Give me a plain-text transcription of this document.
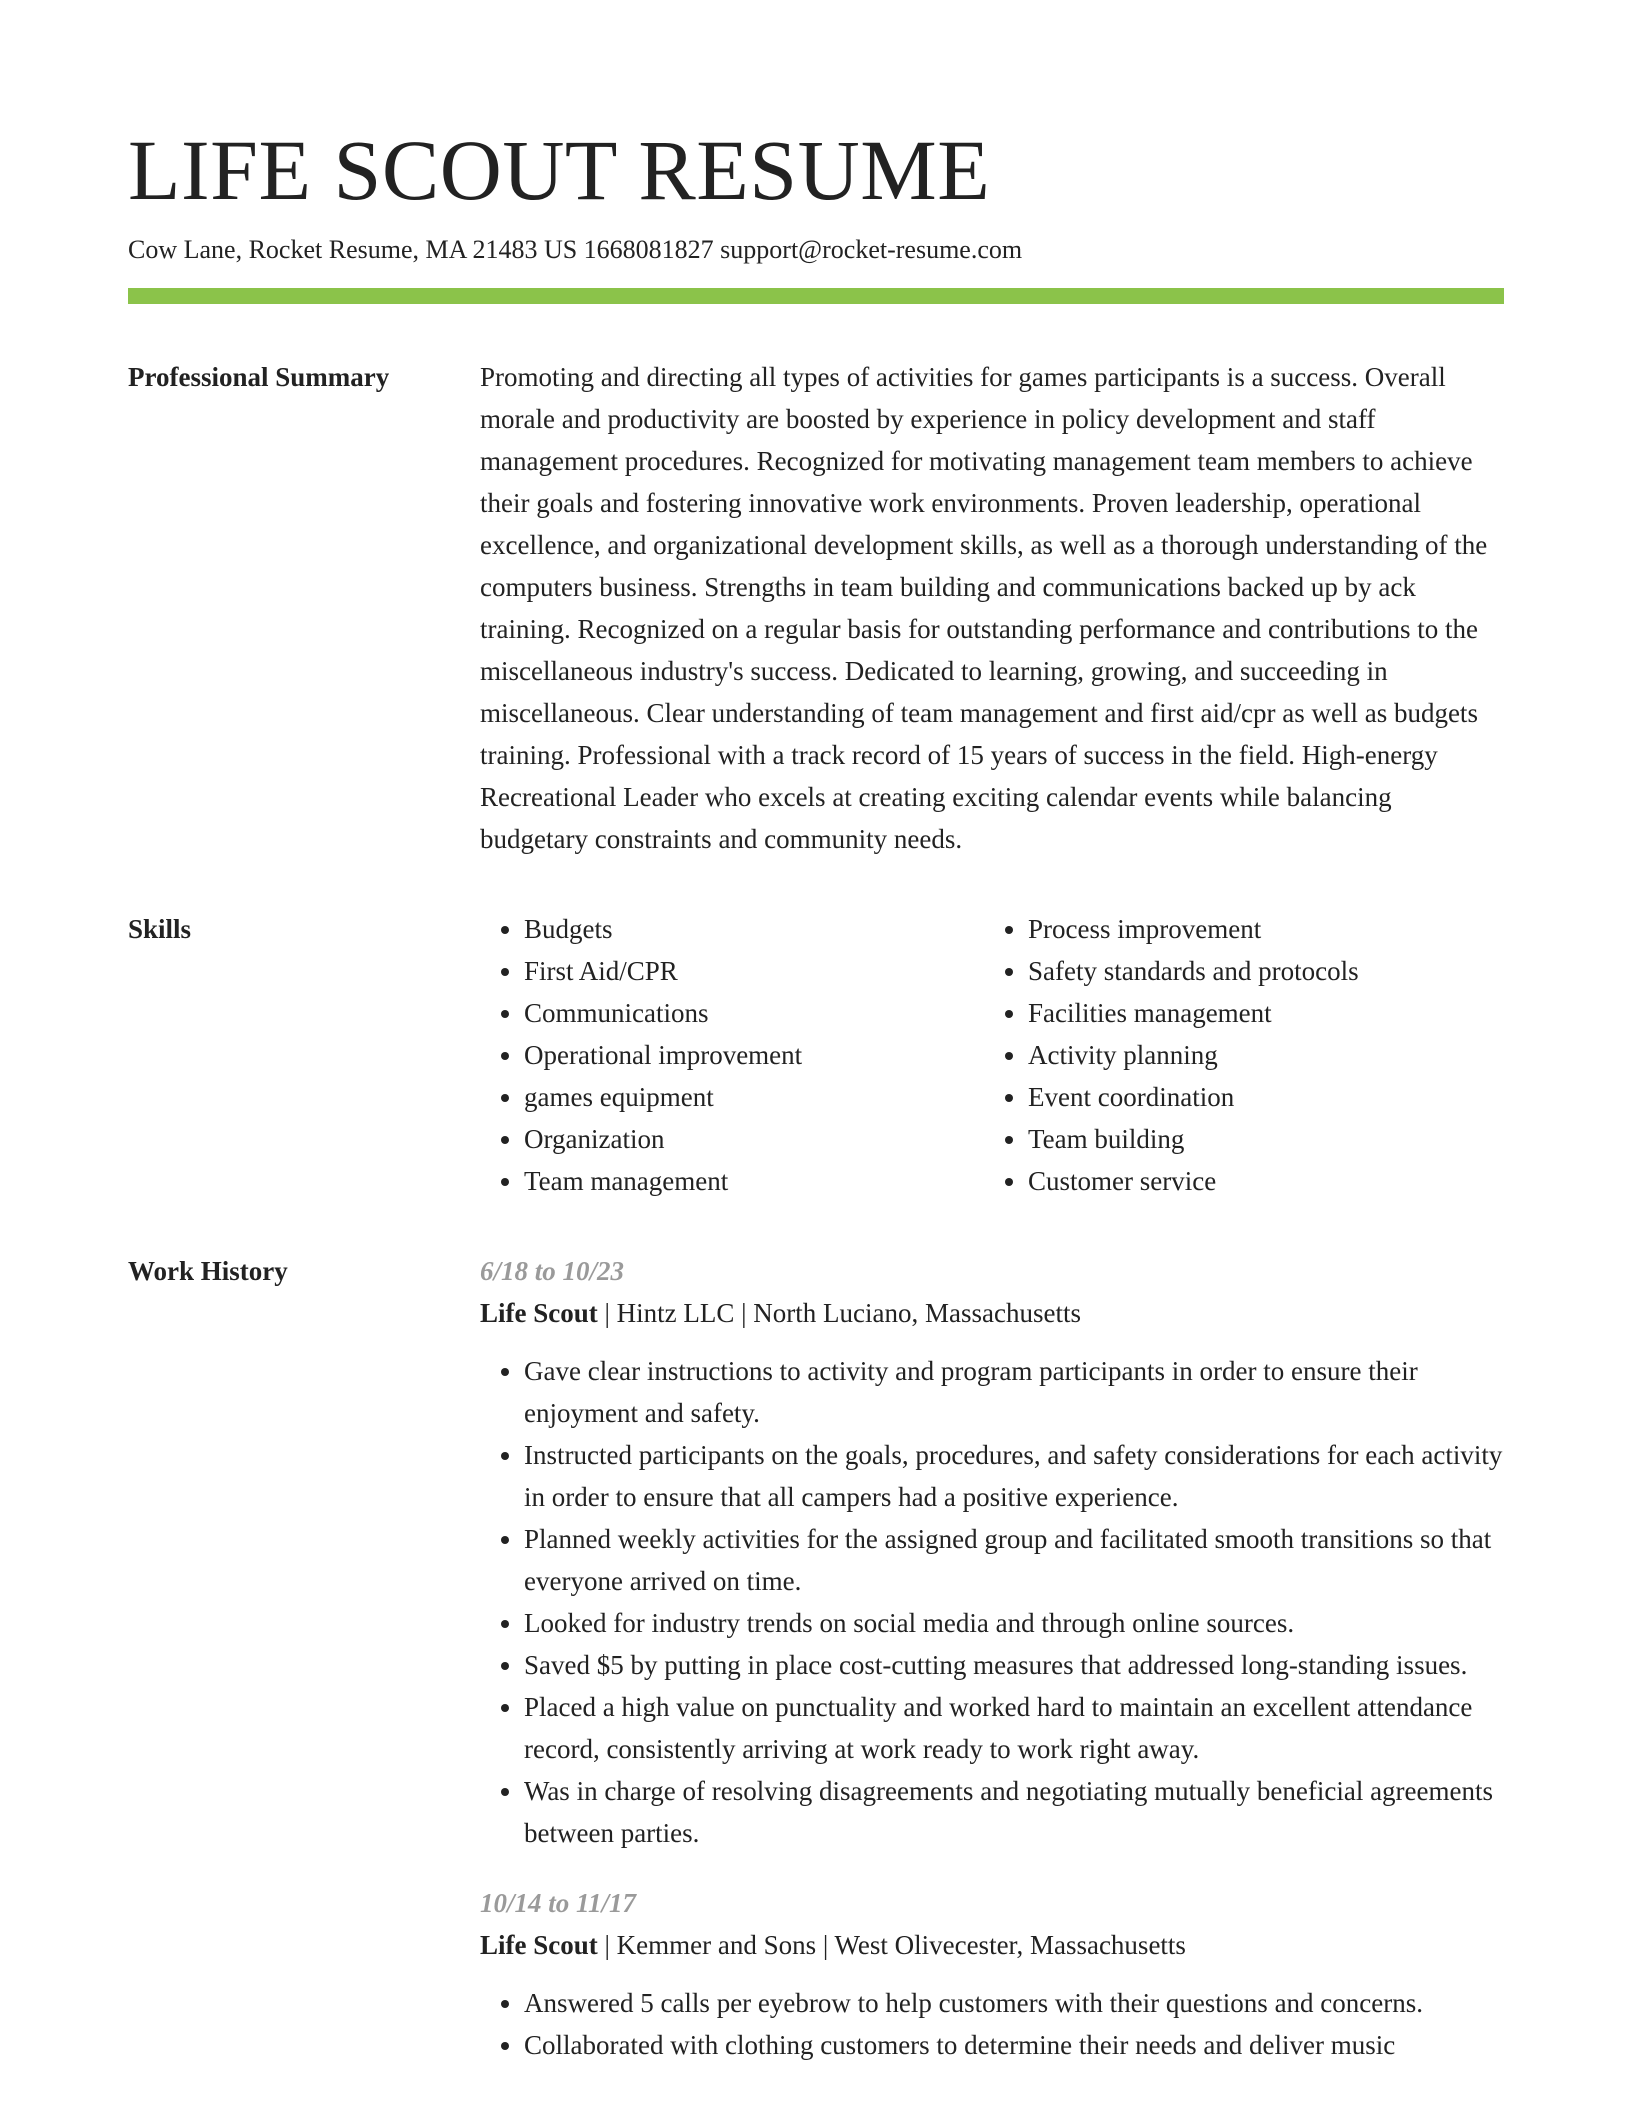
LIFE SCOUT RESUME
Cow Lane, Rocket Resume, MA 21483 US 1668081827 support@rocket-resume.com
Professional Summary	Promoting and directing all types of activities for games participants is a success. Overall morale and productivity are boosted by experience in policy development and staff management procedures. Recognized for motivating management team members to achieve their goals and fostering innovative work environments. Proven leadership, operational excellence, and organizational development skills, as well as a thorough understanding of the computers business. Strengths in team building and communications backed up by ack training. Recognized on a regular basis for outstanding performance and contributions to the miscellaneous industry's success. Dedicated to learning, growing, and succeeding in miscellaneous. Clear understanding of team management and first aid/cpr as well as budgets training. Professional with a track record of 15 years of success in the field. High-energy Recreational Leader who excels at creating exciting calendar events while balancing budgetary constraints and community needs.

Skills
•	Budgets
• First Aid/CPR
• Communications
• Operational improvement
• games equipment
• Organization
• Team management
• Process improvement
• Safety standards and protocols
• Facilities management
• Activity planning
• Event coordination
• Team building
• Customer service
Work History	6/18 to 10/23
Life Scout | Hintz LLC | North Luciano, Massachusetts
• Gave clear instructions to activity and program participants in order to ensure their enjoyment and safety.
• Instructed participants on the goals, procedures, and safety considerations for each activity in order to ensure that all campers had a positive experience.
• Planned weekly activities for the assigned group and facilitated smooth transitions so that everyone arrived on time.
• Looked for industry trends on social media and through online sources.
• Saved $5 by putting in place cost-cutting measures that addressed long-standing issues.
• Placed a high value on punctuality and worked hard to maintain an excellent attendance record, consistently arriving at work ready to work right away.
• Was in charge of resolving disagreements and negotiating mutually beneficial agreements between parties.
10/14 to 11/17
Life Scout | Kemmer and Sons | West Olivecester, Massachusetts
• Answered 5 calls per eyebrow to help customers with their questions and concerns.
• Collaborated with clothing customers to determine their needs and deliver music
